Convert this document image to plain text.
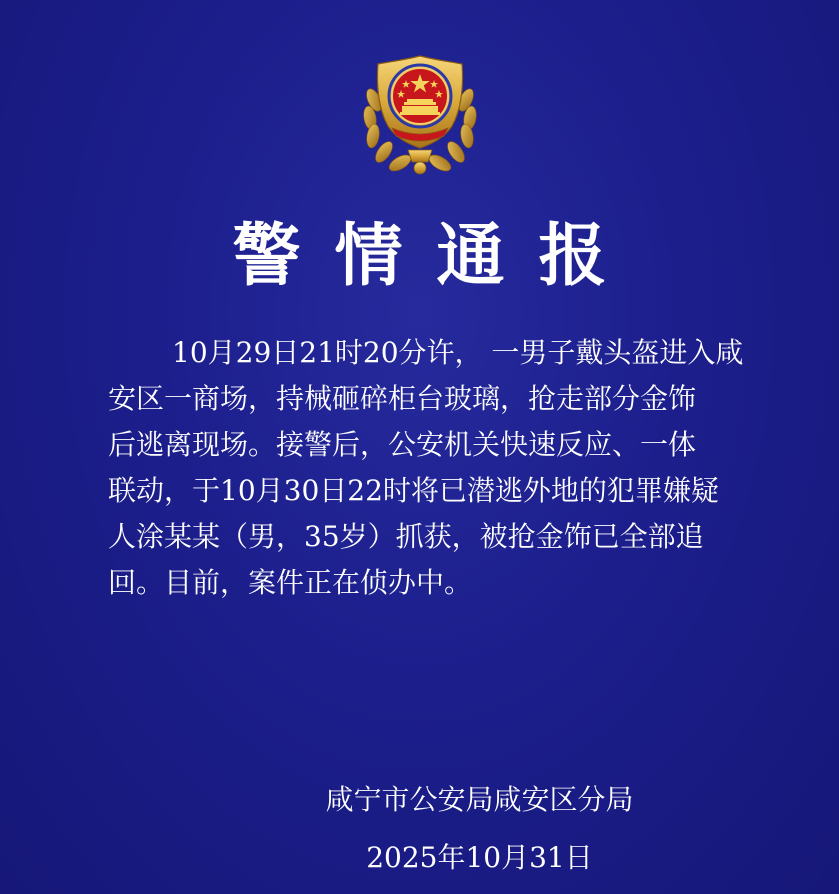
警情通报
10月29日21时20分许， 一男子戴头盔进入咸
安区一商场，持械砸碎柜台玻璃，抢走部分金饰
后逃离现场。接警后，公安机关快速反应、一体
联动，于10月30日22时将已潜逃外地的犯罪嫌疑
人涂某某（男，35岁）抓获，被抢金饰已全部追
回。目前，案件正在侦办中。
咸宁市公安局咸安区分局
2025年10月31日
